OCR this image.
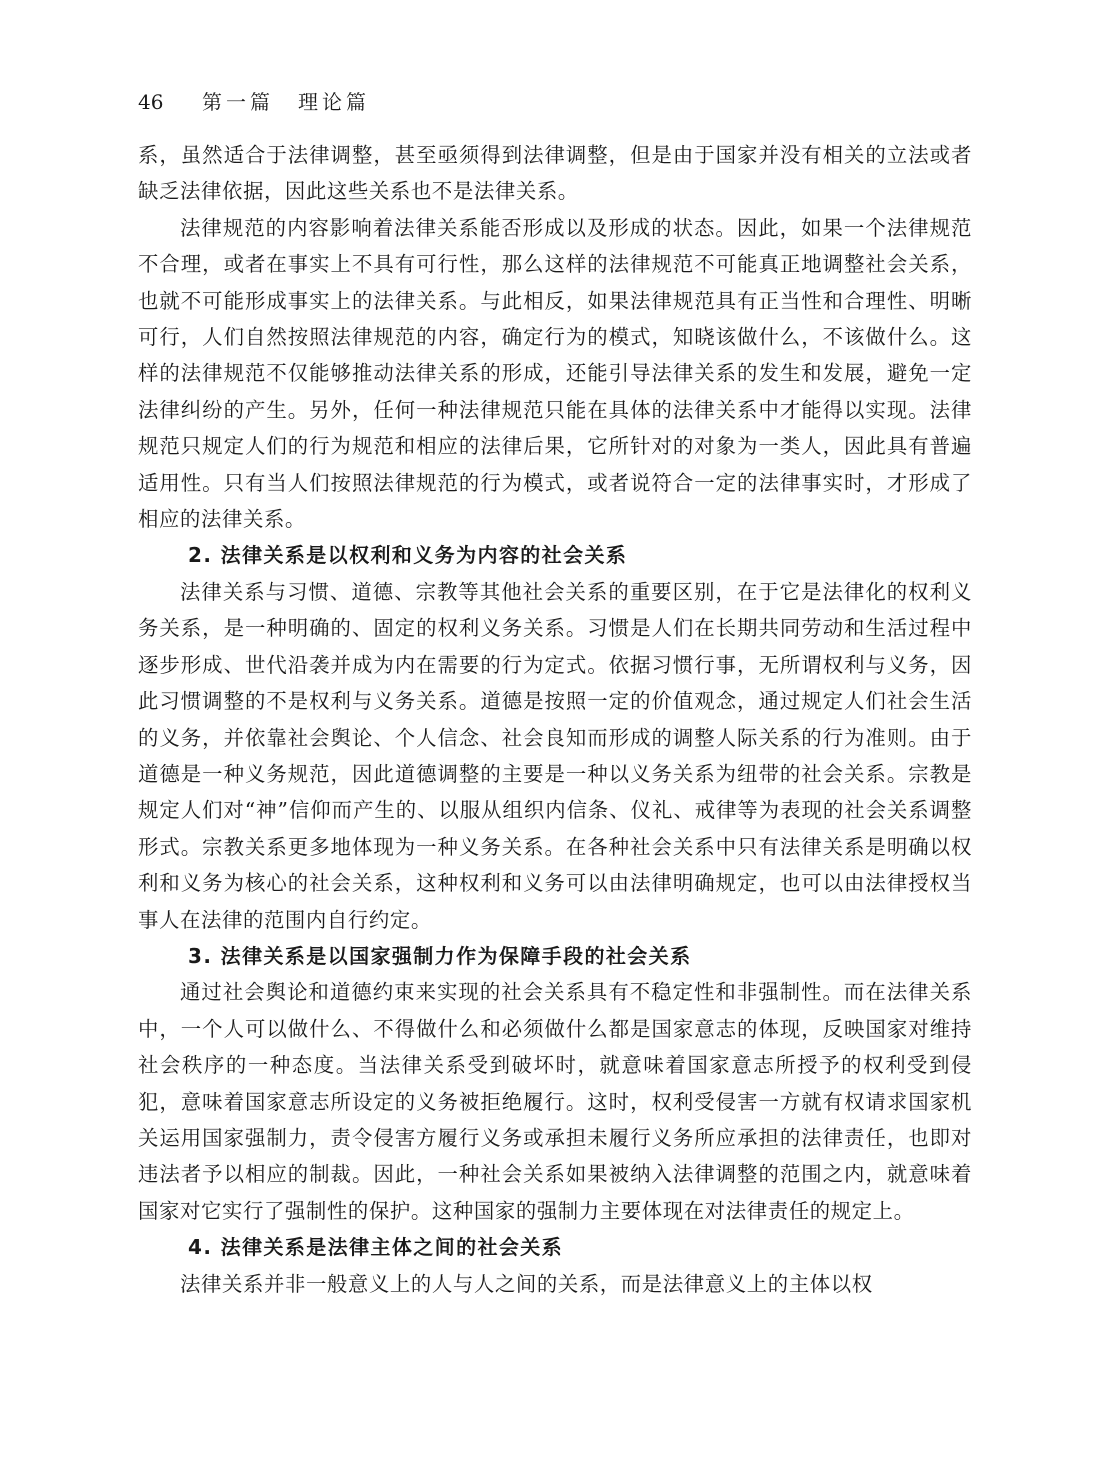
46 第一篇　理论篇

系，虽然适合于法律调整，甚至亟须得到法律调整，但是由于国家并没有相关的立法或者缺乏法律依据，因此这些关系也不是法律关系。

法律规范的内容影响着法律关系能否形成以及形成的状态。因此，如果一个法律规范不合理，或者在事实上不具有可行性，那么这样的法律规范不可能真正地调整社会关系，也就不可能形成事实上的法律关系。与此相反，如果法律规范具有正当性和合理性、明晰可行，人们自然按照法律规范的内容，确定行为的模式，知晓该做什么，不该做什么。这样的法律规范不仅能够推动法律关系的形成，还能引导法律关系的发生和发展，避免一定法律纠纷的产生。另外，任何一种法律规范只能在具体的法律关系中才能得以实现。法律规范只规定人们的行为规范和相应的法律后果，它所针对的对象为一类人，因此具有普遍适用性。只有当人们按照法律规范的行为模式，或者说符合一定的法律事实时，才形成了相应的法律关系。

2. 法律关系是以权利和义务为内容的社会关系

法律关系与习惯、道德、宗教等其他社会关系的重要区别，在于它是法律化的权利义务关系，是一种明确的、固定的权利义务关系。习惯是人们在长期共同劳动和生活过程中逐步形成、世代沿袭并成为内在需要的行为定式。依据习惯行事，无所谓权利与义务，因此习惯调整的不是权利与义务关系。道德是按照一定的价值观念，通过规定人们社会生活的义务，并依靠社会舆论、个人信念、社会良知而形成的调整人际关系的行为准则。由于道德是一种义务规范，因此道德调整的主要是一种以义务关系为纽带的社会关系。宗教是规定人们对“神”信仰而产生的、以服从组织内信条、仪礼、戒律等为表现的社会关系调整形式。宗教关系更多地体现为一种义务关系。在各种社会关系中只有法律关系是明确以权利和义务为核心的社会关系，这种权利和义务可以由法律明确规定，也可以由法律授权当事人在法律的范围内自行约定。

3. 法律关系是以国家强制力作为保障手段的社会关系

通过社会舆论和道德约束来实现的社会关系具有不稳定性和非强制性。而在法律关系中，一个人可以做什么、不得做什么和必须做什么都是国家意志的体现，反映国家对维持社会秩序的一种态度。当法律关系受到破坏时，就意味着国家意志所授予的权利受到侵犯，意味着国家意志所设定的义务被拒绝履行。这时，权利受侵害一方就有权请求国家机关运用国家强制力，责令侵害方履行义务或承担未履行义务所应承担的法律责任，也即对违法者予以相应的制裁。因此，一种社会关系如果被纳入法律调整的范围之内，就意味着国家对它实行了强制性的保护。这种国家的强制力主要体现在对法律责任的规定上。

4. 法律关系是法律主体之间的社会关系

法律关系并非一般意义上的人与人之间的关系，而是法律意义上的主体以权
